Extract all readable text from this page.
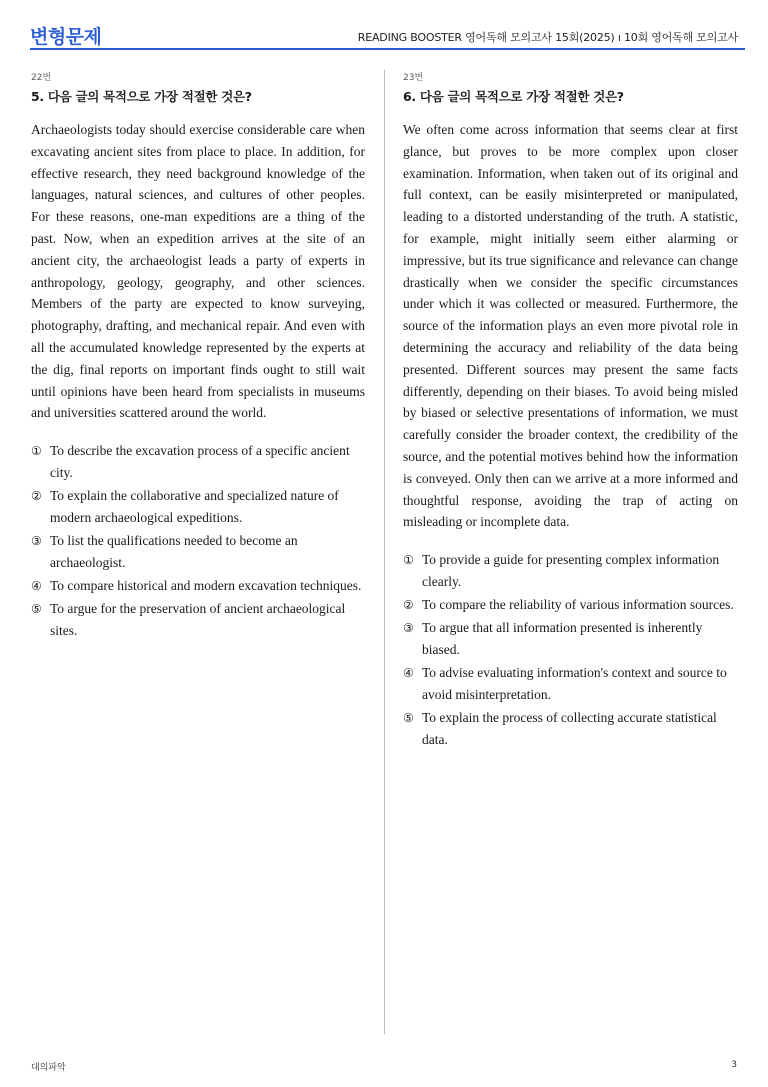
변형문제	READING BOOSTER 영어독해 모의고사 15회(2025) ı 10회 영어독해 모의고사
22번
5. 다음 글의 목적으로 가장 적절한 것은?

Archaeologists today should exercise considerable care when excavating ancient sites from place to place. In addition, for effective research, they need background knowledge of the languages, natural sciences, and cultures of other peoples. For these reasons, one-man expeditions are a thing of the past. Now, when an expedition arrives at the site of an ancient city, the archaeologist leads a party of experts in anthropology, geology, geography, and other sciences. Members of the party are expected to know surveying, photography, drafting, and mechanical repair. And even with all the accumulated knowledge represented by the experts at the dig, final reports on important finds ought to still wait until opinions have been heard from specialists in museums and universities scattered around the world.

① To describe the excavation process of a specific ancient city.
② To explain the collaborative and specialized nature of modern archaeological expeditions.
③ To list the qualifications needed to become an archaeologist.
④ To compare historical and modern excavation techniques.
⑤ To argue for the preservation of ancient archaeological sites.
23번
6. 다음 글의 목적으로 가장 적절한 것은?

We often come across information that seems clear at first glance, but proves to be more complex upon closer examination. Information, when taken out of its original and full context, can be easily misinterpreted or manipulated, leading to a distorted understanding of the truth. A statistic, for example, might initially seem either alarming or impressive, but its true significance and relevance can change drastically when we consider the specific circumstances under which it was collected or measured. Furthermore, the source of the information plays an even more pivotal role in determining the accuracy and reliability of the data being presented. Different sources may present the same facts differently, depending on their biases. To avoid being misled by biased or selective presentations of information, we must carefully consider the broader context, the credibility of the source, and the potential motives behind how the information is conveyed. Only then can we arrive at a more informed and thoughtful response, avoiding the trap of acting on misleading or incomplete data.

① To provide a guide for presenting complex information clearly.
② To compare the reliability of various information sources.
③ To argue that all information presented is inherently biased.
④ To advise evaluating information's context and source to avoid misinterpretation.
⑤ To explain the process of collecting accurate statistical data.
대의파악	3
